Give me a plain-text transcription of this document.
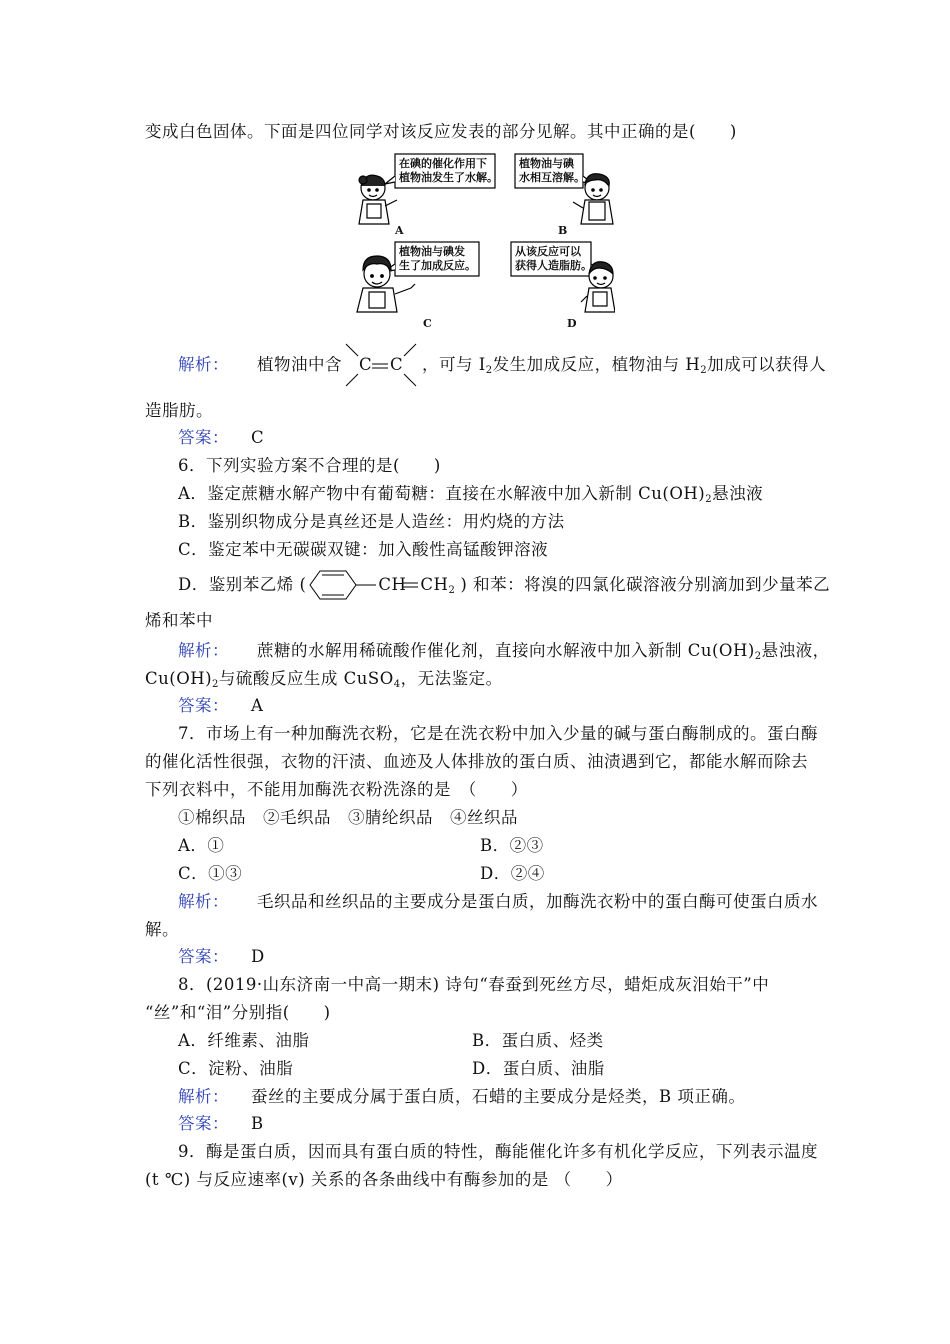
变成白色固体。下面是四位同学对该反应发表的部分见解。其中正确的是(　　)
在碘的催化作用下
植物油发生了水解。
植物油与碘
水相互溶解。
植物油与碘发
生了加成反应。
从该反应可以
获得人造脂肪。
A	B
C	D
解析： 植物油中含 C C ，可与 $I_2$发生加成反应，植物油与 $H_2$加成可以获得人
造脂肪。
答案： C
6．下列实验方案不合理的是(　　)
A．鉴定蔗糖水解产物中有葡萄糖：直接在水解液中加入新制 $Cu(OH)_2$悬浊液
B．鉴别织物成分是真丝还是人造丝：用灼烧的方法
C．鉴定苯中无碳碳双键：加入酸性高锰酸钾溶液
D．鉴别苯乙烯 (	CH $CH_2$ ) 和苯：将溴的四氯化碳溶液分别滴加到少量苯乙
烯和苯中
解析： 蔗糖的水解用稀硫酸作催化剂，直接向水解液中加入新制 $Cu(OH)_2$悬浊液，
$Cu(OH)_2$与硫酸反应生成 CuSO$_4$，无法鉴定。
答案： A
7．市场上有一种加酶洗衣粉，它是在洗衣粉中加入少量的碱与蛋白酶制成的。蛋白酶
的催化活性很强，衣物的汗渍、血迹及人体排放的蛋白质、油渍遇到它，都能水解而除去
下列衣料中，不能用加酶洗衣粉洗涤的是　（　　）
①棉织品　②毛织品　③腈纶织品　④丝织品
A．①	B．②③
C．①③	D．②④
解析： 毛织品和丝织品的主要成分是蛋白质，加酶洗衣粉中的蛋白酶可使蛋白质水
解。
答案： D
8．(2019·山东济南一中高一期末) 诗句“春蚕到死丝方尽，蜡炬成灰泪始干”中
“丝”和“泪”分别指(　　)
A．纤维素、油脂	B．蛋白质、烃类
C．淀粉、油脂	D．蛋白质、油脂
解析： 蚕丝的主要成分属于蛋白质，石蜡的主要成分是烃类，B 项正确。
答案： B
9．酶是蛋白质，因而具有蛋白质的特性，酶能催化许多有机化学反应，下列表示温度
(t ℃) 与反应速率(v) 关系的各条曲线中有酶参加的是 （　　）
